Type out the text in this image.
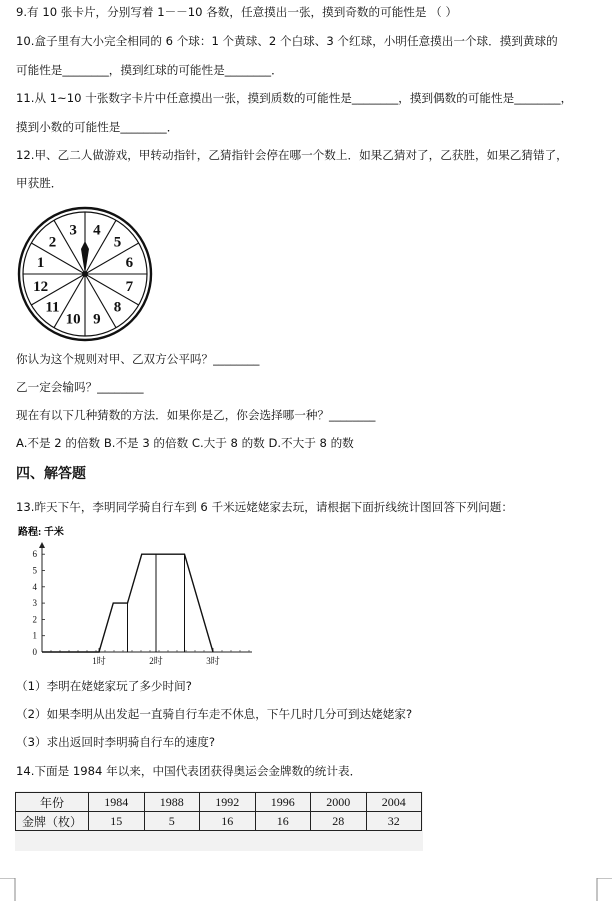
9.有 10 张卡片，分别写着 1－－10 各数，任意摸出一张，摸到奇数的可能性是 （ ）
10.盒子里有大小完全相同的 6 个球：1 个黄球、2 个白球、3 个红球，小明任意摸出一个球．摸到黄球的
可能性是________，摸到红球的可能性是________．
11.从 1~10 十张数字卡片中任意摸出一张，摸到质数的可能性是________，摸到偶数的可能性是________，
摸到小数的可能性是________．
12.甲、乙二人做游戏，甲转动指针，乙猜指针会停在哪一个数上．如果乙猜对了，乙获胜，如果乙猜错了，
甲获胜．
3 4
5
6
7
8
9
10
11
12
1
2
你认为这个规则对甲、乙双方公平吗？________
乙一定会输吗？________
现在有以下几种猜数的方法．如果你是乙，你会选择哪一种？________
A.不是 2 的倍数 B.不是 3 的倍数 C.大于 8 的数 D.不大于 8 的数
四、解答题
13.昨天下午，李明同学骑自行车到 6 千米远姥姥家去玩，请根据下面折线统计图回答下列问题：
路程: 千米
0
1
2
3
4
5
6
1时	2时	3时
（1）李明在姥姥家玩了多少时间?
（2）如果李明从出发起一直骑自行车走不休息，下午几时几分可到达姥姥家?
（3）求出返回时李明骑自行车的速度?
14.下面是 1984 年以来，中国代表团获得奥运会金牌数的统计表．
年份	1984	1988	1992	1996	2000	2004
金牌（枚）	15	5	16	16	28	32
